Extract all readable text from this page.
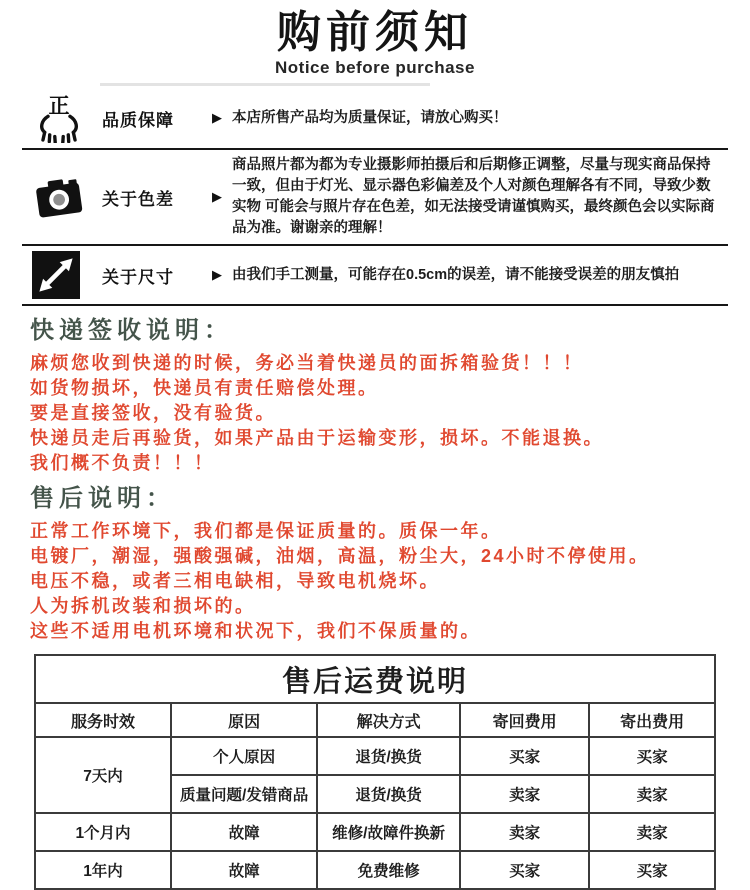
购前须知
Notice before purchase
正
品质保障	▶ 本店所售产品均为质量保证，请放心购买！
关于色差	▶
商品照片都为都为专业摄影师拍摄后和后期修正调整，尽量与现实商品保持一致，但由于灯光、显示器色彩偏差及个人对颜色理解各有不同，导致少数实物 可能会与照片存在色差，如无法接受请谨慎购买，最终颜色会以实际商品为准。谢谢亲的理解！
关于尺寸	▶ 由我们手工测量，可能存在0.5cm的误差，请不能接受误差的朋友慎拍
快递签收说明：
麻烦您收到快递的时候，务必当着快递员的面拆箱验货！！！
如货物损坏，快递员有责任赔偿处理。
要是直接签收，没有验货。
快递员走后再验货，如果产品由于运输变形，损坏。不能退换。
我们概不负责！！！
售后说明：
正常工作环境下，我们都是保证质量的。质保一年。
电镀厂，潮湿，强酸强碱，油烟，高温，粉尘大，24小时不停使用。
电压不稳，或者三相电缺相，导致电机烧坏。
人为拆机改装和损坏的。
这些不适用电机环境和状况下，我们不保质量的。
售后运费说明				
服务时效	原因	解决方式	寄回费用	寄出费用
7天内	个人原因	退货/换货	买家	买家
	质量问题/发错商品	退货/换货	卖家	卖家
1个月内	故障	维修/故障件换新	卖家	卖家
1年内	故障	免费维修	买家	买家
